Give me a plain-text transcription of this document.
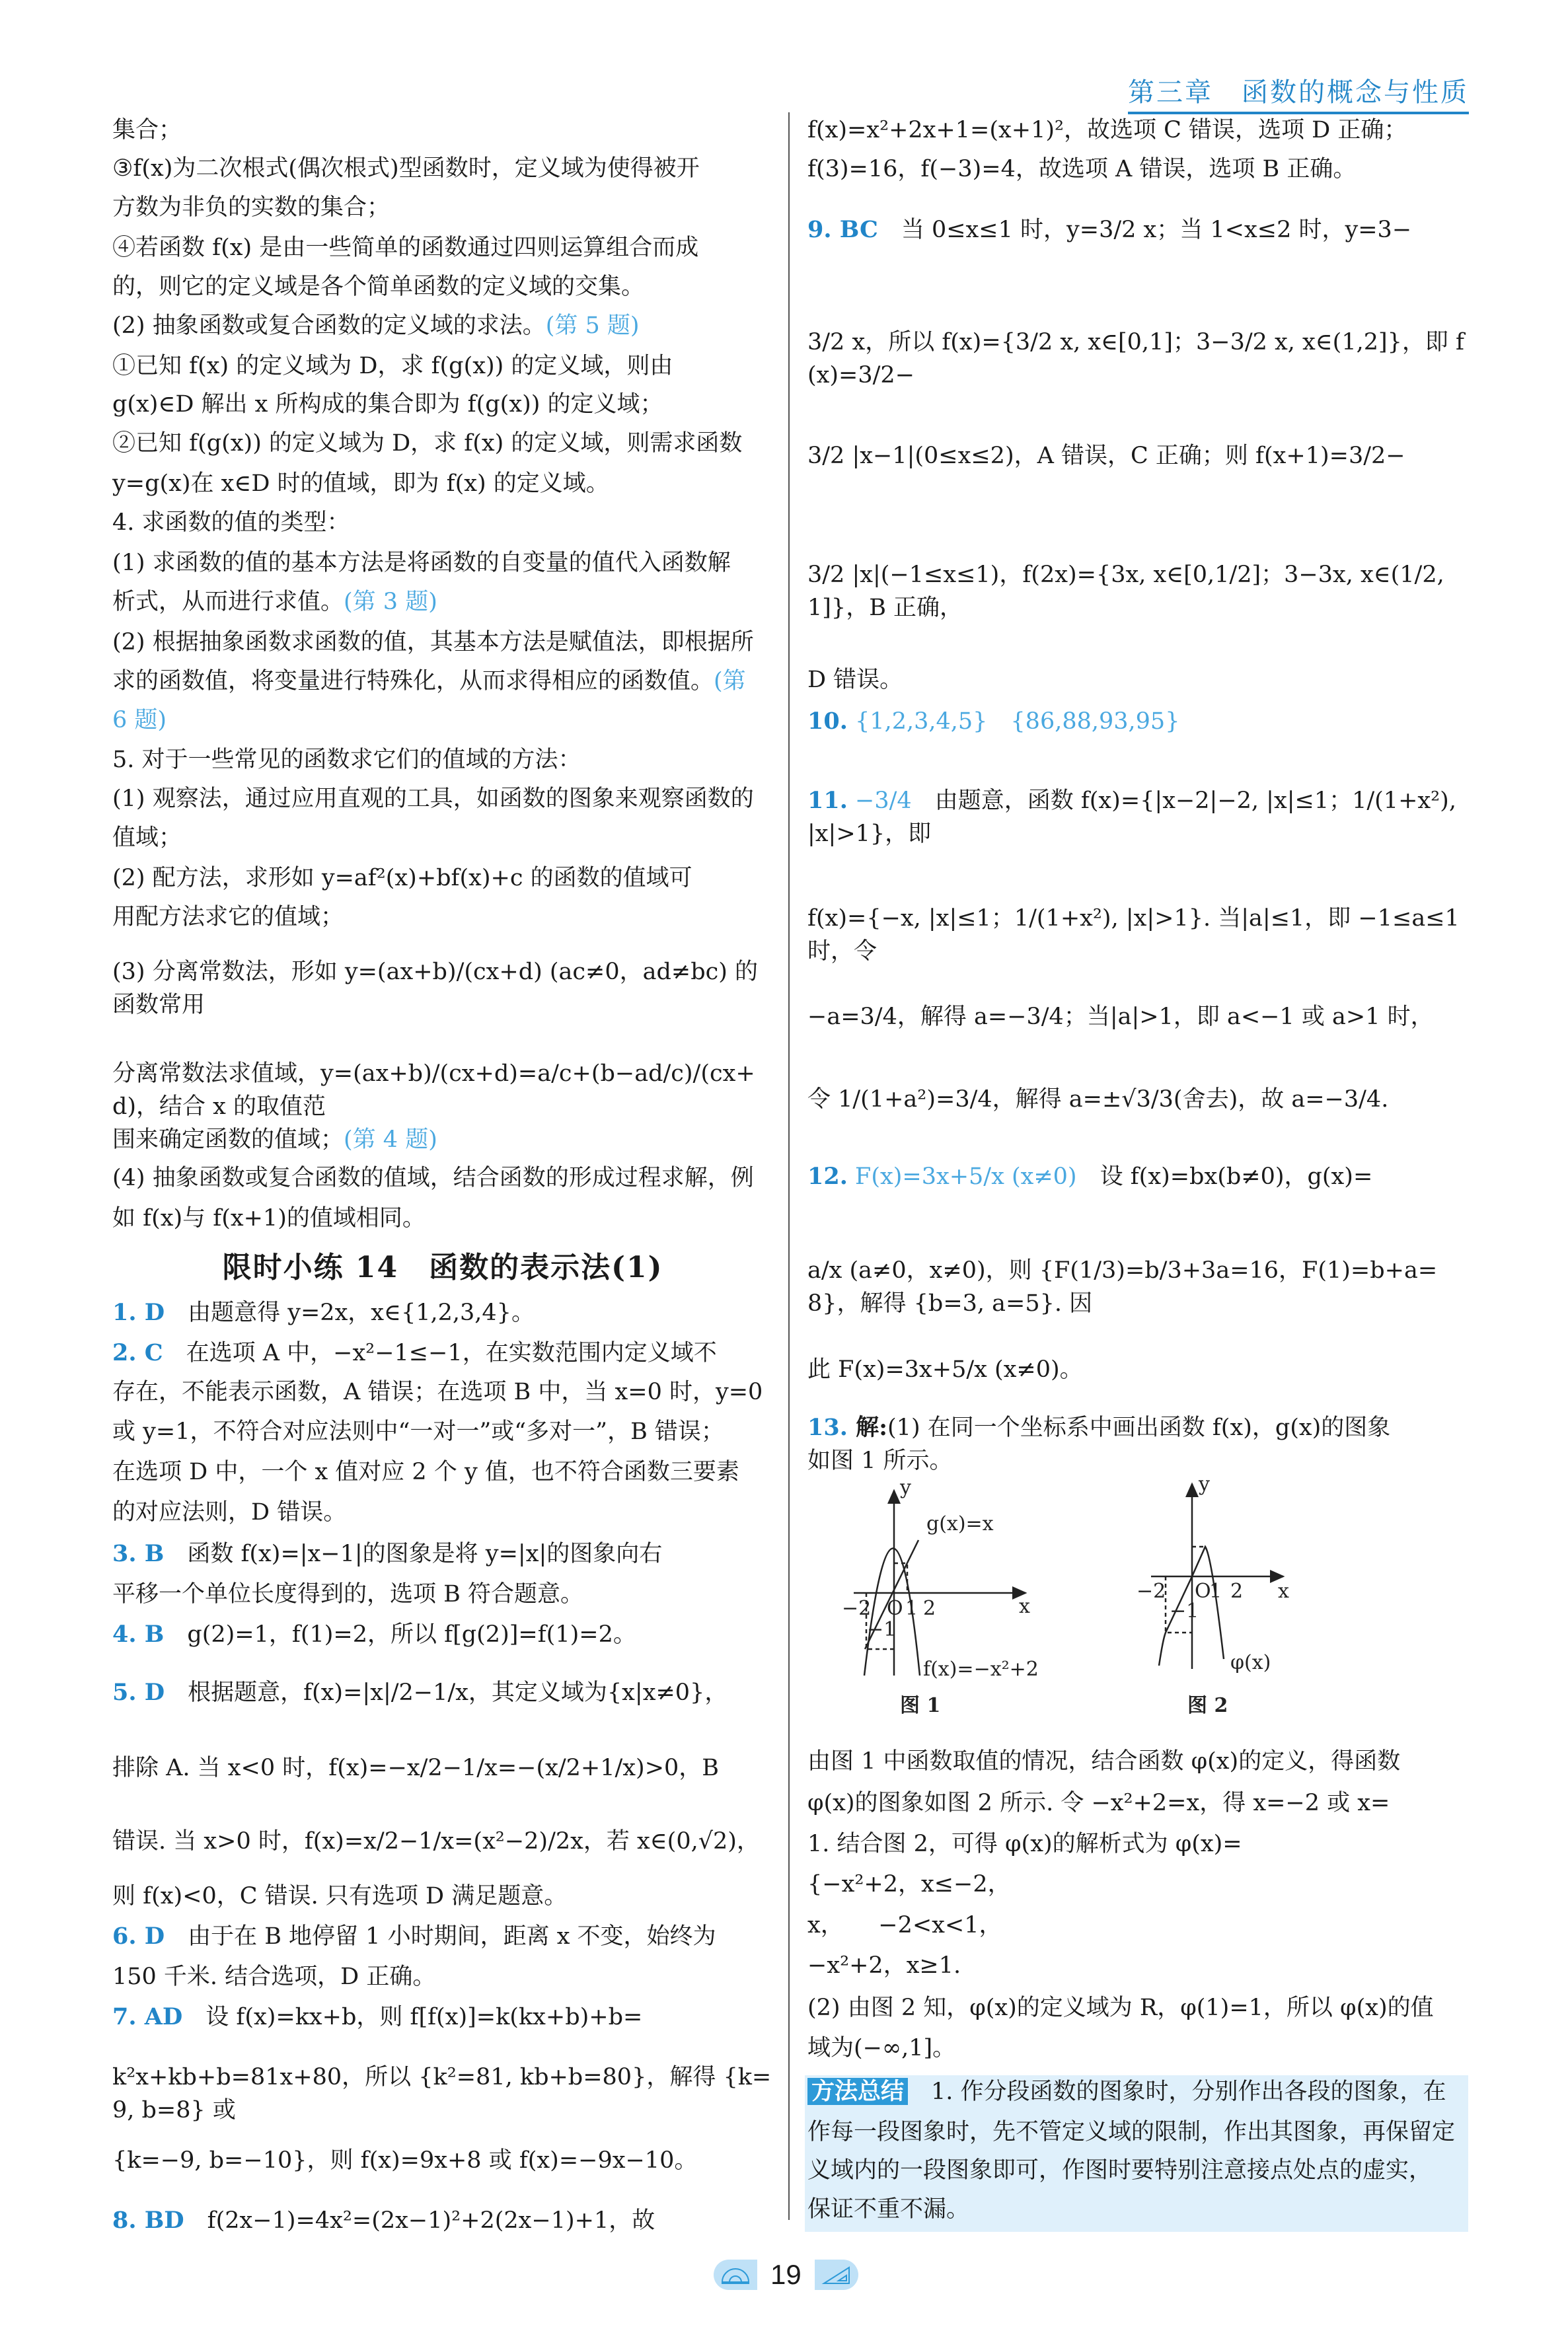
第三章　函数的概念与性质
集合；
③f(x)为二次根式(偶次根式)型函数时，定义域为使得被开
方数为非负的实数的集合；
④若函数 f(x) 是由一些简单的函数通过四则运算组合而成
的，则它的定义域是各个简单函数的定义域的交集。
(2) 抽象函数或复合函数的定义域的求法。(第 5 题)
①已知 f(x) 的定义域为 D，求 f(g(x)) 的定义域，则由
g(x)∈D 解出 x 所构成的集合即为 f(g(x)) 的定义域；
②已知 f(g(x)) 的定义域为 D，求 f(x) 的定义域，则需求函数
y=g(x)在 x∈D 时的值域，即为 f(x) 的定义域。
4. 求函数的值的类型：
(1) 求函数的值的基本方法是将函数的自变量的值代入函数解
析式，从而进行求值。(第 3 题)
(2) 根据抽象函数求函数的值，其基本方法是赋值法，即根据所
求的函数值，将变量进行特殊化，从而求得相应的函数值。(第
6 题)
5. 对于一些常见的函数求它们的值域的方法：
(1) 观察法，通过应用直观的工具，如函数的图象来观察函数的
值域；
(2) 配方法，求形如 y=af²(x)+bf(x)+c 的函数的值域可
用配方法求它的值域；
(3) 分离常数法，形如 y=(ax+b)/(cx+d) (ac≠0，ad≠bc) 的函数常用
分离常数法求值域，y=(ax+b)/(cx+d)=a/c+(b−ad/c)/(cx+d)，结合 x 的取值范
围来确定函数的值域；(第 4 题)
(4) 抽象函数或复合函数的值域，结合函数的形成过程求解，例
如 f(x)与 f(x+1)的值域相同。
限时小练 14　函数的表示法(1)
1. D　由题意得 y=2x，x∈{1,2,3,4}。
2. C　在选项 A 中，−x²−1≤−1，在实数范围内定义域不
存在，不能表示函数，A 错误；在选项 B 中，当 x=0 时，y=0
或 y=1，不符合对应法则中“一对一”或“多对一”，B 错误；
在选项 D 中，一个 x 值对应 2 个 y 值，也不符合函数三要素
的对应法则，D 错误。
3. B　函数 f(x)=|x−1|的图象是将 y=|x|的图象向右
平移一个单位长度得到的，选项 B 符合题意。
4. B　g(2)=1，f(1)=2，所以 f[g(2)]=f(1)=2。
5. D　根据题意，f(x)=|x|/2−1/x，其定义域为{x|x≠0}，
排除 A. 当 x<0 时，f(x)=−x/2−1/x=−(x/2+1/x)>0，B
错误. 当 x>0 时，f(x)=x/2−1/x=(x²−2)/2x，若 x∈(0,√2)，
则 f(x)<0，C 错误. 只有选项 D 满足题意。
6. D　由于在 B 地停留 1 小时期间，距离 x 不变，始终为
150 千米. 结合选项，D 正确。
7. AD　设 f(x)=kx+b，则 f[f(x)]=k(kx+b)+b=
k²x+kb+b=81x+80，所以 {k²=81, kb+b=80}，解得 {k=9, b=8} 或
{k=−9, b=−10}，则 f(x)=9x+8 或 f(x)=−9x−10。
8. BD　f(2x−1)=4x²=(2x−1)²+2(2x−1)+1，故
f(x)=x²+2x+1=(x+1)²，故选项 C 错误，选项 D 正确；
f(3)=16，f(−3)=4，故选项 A 错误，选项 B 正确。
9. BC　当 0≤x≤1 时，y=3/2 x；当 1<x≤2 时，y=3−
3/2 x，所以 f(x)={3/2 x, x∈[0,1]；3−3/2 x, x∈(1,2]}，即 f(x)=3/2−
3/2 |x−1|(0≤x≤2)，A 错误，C 正确；则 f(x+1)=3/2−
3/2 |x|(−1≤x≤1)，f(2x)={3x, x∈[0,1/2]；3−3x, x∈(1/2,1]}，B 正确，
D 错误。
10. {1,2,3,4,5}　{86,88,93,95}
11. −3/4　由题意，函数 f(x)={|x−2|−2, |x|≤1；1/(1+x²), |x|>1}，即
f(x)={−x, |x|≤1；1/(1+x²), |x|>1}. 当|a|≤1，即 −1≤a≤1 时，令
−a=3/4，解得 a=−3/4；当|a|>1，即 a<−1 或 a>1 时，
令 1/(1+a²)=3/4，解得 a=±√3/3(舍去)，故 a=−3/4.
12. F(x)=3x+5/x (x≠0)　设 f(x)=bx(b≠0)，g(x)=
a/x (a≠0，x≠0)，则 {F(1/3)=b/3+3a=16，F(1)=b+a=8}，解得 {b=3, a=5}. 因
此 F(x)=3x+5/x (x≠0)。
13. 解:(1) 在同一个坐标系中画出函数 f(x)，g(x)的图象
如图 1 所示。
y
x
O
−2
−1
1 2
g(x)=x
f(x)=−x²+2
图 1
y
x
O
−2
−1
1 2
φ(x)
图 2
由图 1 中函数取值的情况，结合函数 φ(x)的定义，得函数
φ(x)的图象如图 2 所示. 令 −x²+2=x，得 x=−2 或 x=
1. 结合图 2，可得 φ(x)的解析式为 φ(x)=
{−x²+2，x≤−2，
x，　　−2<x<1，
−x²+2，x≥1.
(2) 由图 2 知，φ(x)的定义域为 R，φ(1)=1，所以 φ(x)的值
域为(−∞,1]。
方法总结　1. 作分段函数的图象时，分别作出各段的图象，在
作每一段图象时，先不管定义域的限制，作出其图象，再保留定
义域内的一段图象即可，作图时要特别注意接点处点的虚实，
保证不重不漏。
19
